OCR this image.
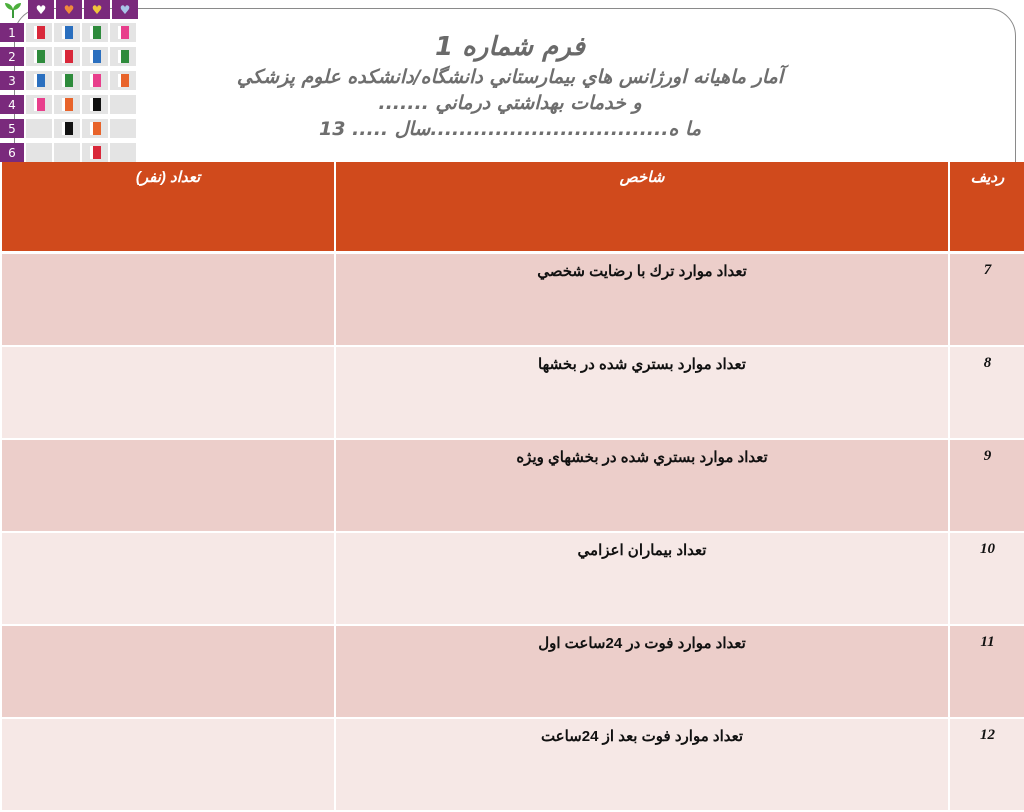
♥ ♥ ♥ ♥
1
2
3
4
5
6
فرم شماره 1
آمار ماهيانه اورژانس هاي بيمارستاني دانشگاه/دانشكده علوم پزشكي
و خدمات بهداشتي درماني .......
ما ه.................................سال ..... 13
رديف	شاخص	تعداد (نفر)
7	تعداد موارد ترك با رضايت شخصي	
8	تعداد موارد بستري شده در بخشها	
9	تعداد موارد بستري شده در بخشهاي ويژه	
10	تعداد بيماران اعزامي	
11	تعداد موارد فوت در 24ساعت اول	
12	تعداد موارد فوت بعد از 24ساعت	
